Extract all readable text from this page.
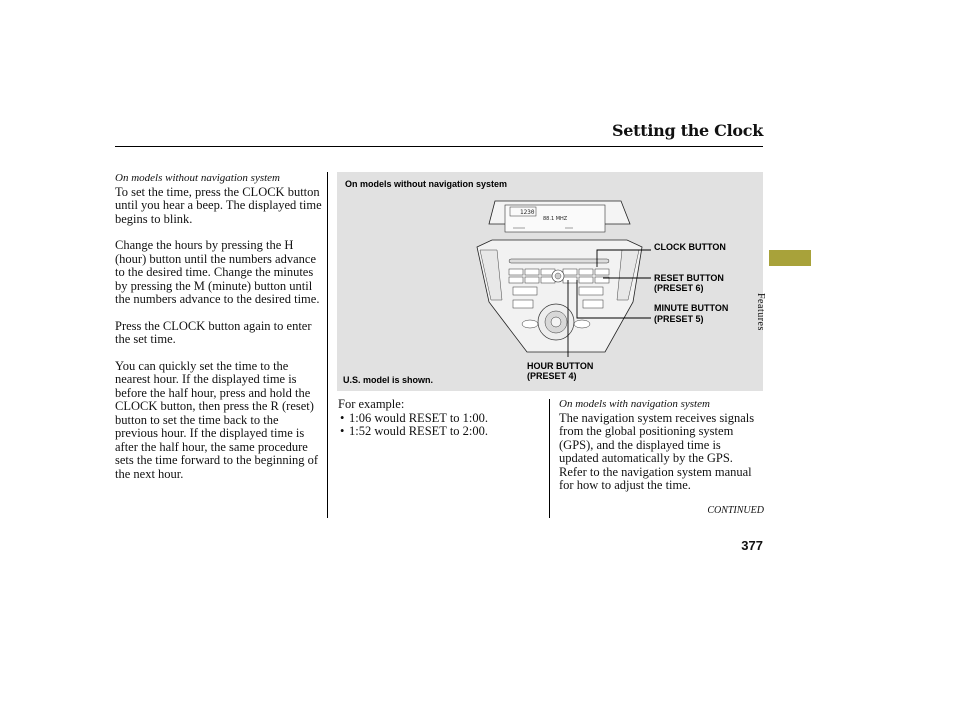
Setting the Clock
On models without navigation system

To set the time, press the CLOCK button until you hear a beep. The displayed time begins to blink.

Change the hours by pressing the H (hour) button until the numbers advance to the desired time. Change the minutes by pressing the M (minute) button until the numbers advance to the desired time.

Press the CLOCK button again to enter the set time.

You can quickly set the time to the nearest hour. If the displayed time is before the half hour, press and hold the CLOCK button, then press the R (reset) button to set the time back to the previous hour. If the displayed time is after the half hour, the same procedure sets the time forward to the beginning of the next hour.

On models without navigation system
U.S. model is shown.
1230
88.1 MHZ
CLOCK BUTTON
RESET BUTTON
(PRESET 6)
MINUTE BUTTON
(PRESET 5)
HOUR BUTTON
(PRESET 4)
For example:
• 1:06 would RESET to 1:00.
• 1:52 would RESET to 2:00.
On models with navigation system

The navigation system receives signals from the global positioning system (GPS), and the displayed time is updated automatically by the GPS. Refer to the navigation system manual for how to adjust the time.

CONTINUED
377
Features
